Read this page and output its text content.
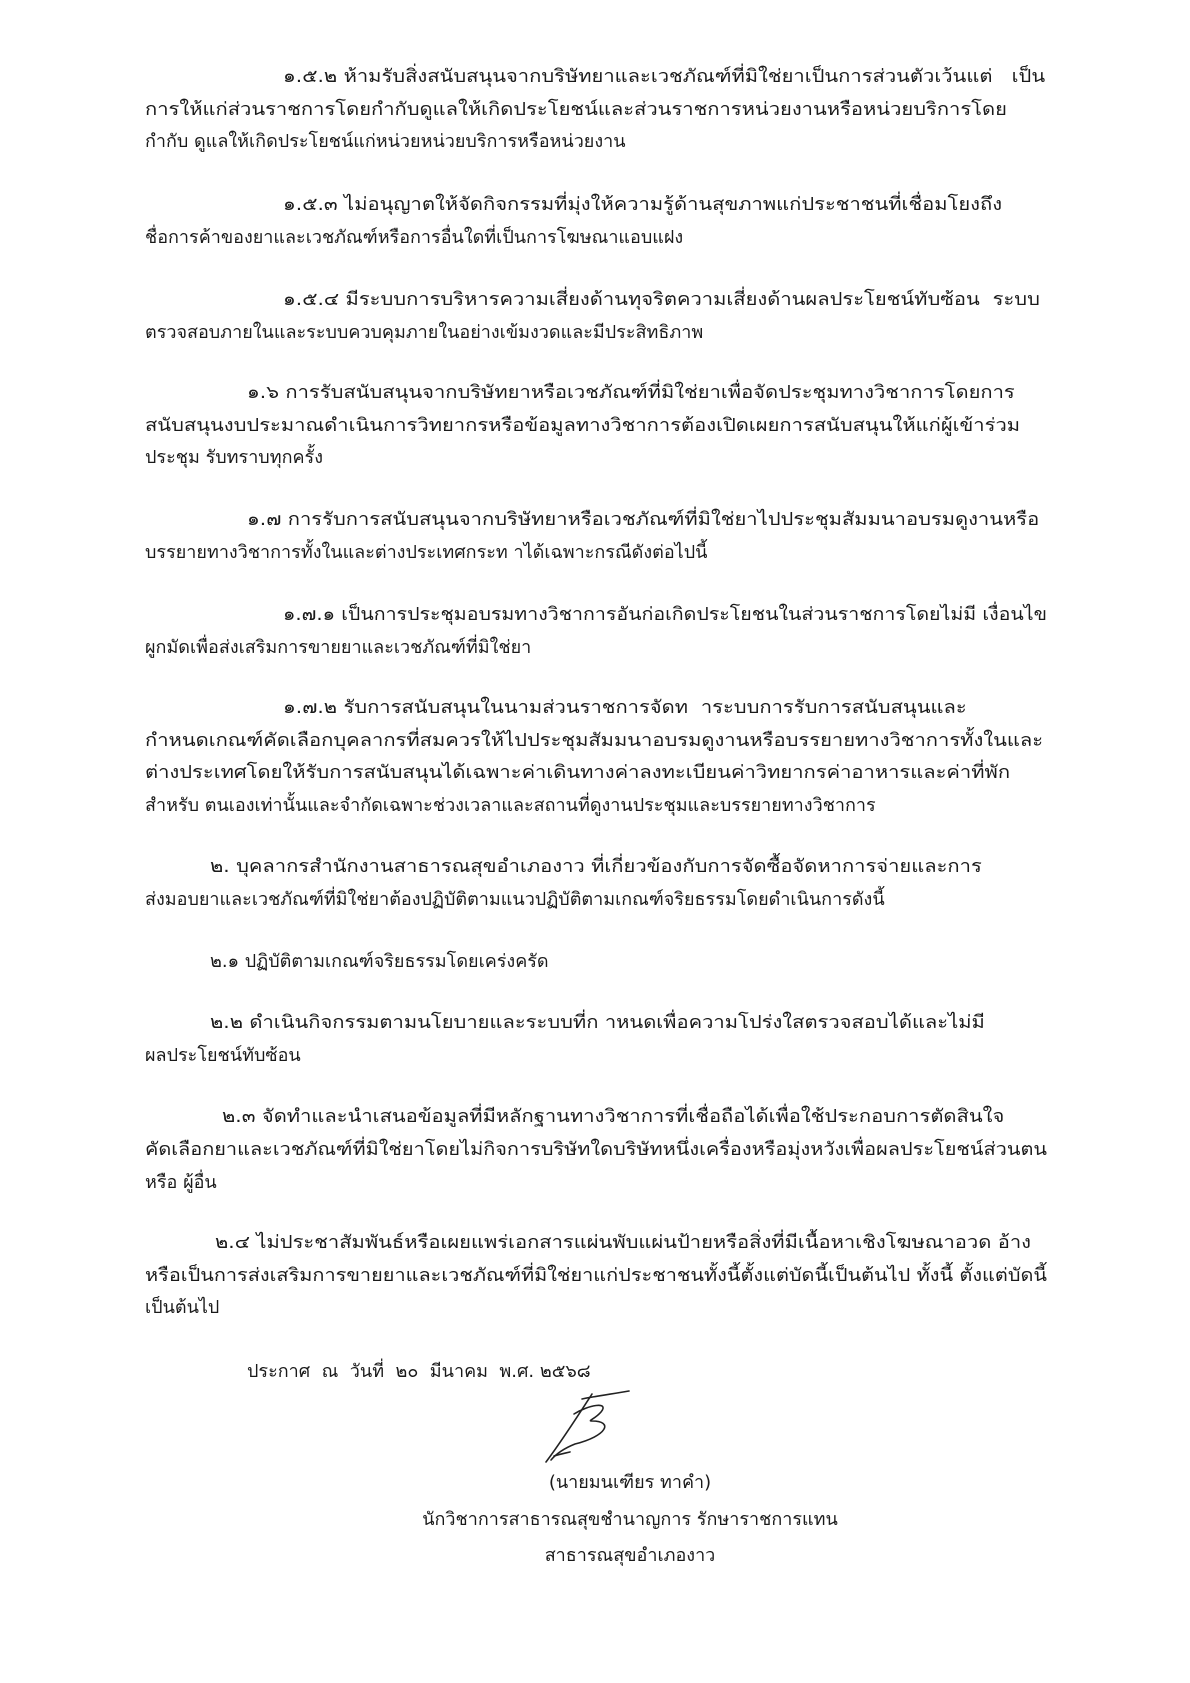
๑.๕.๒ ห้ามรับสิ่งสนับสนุนจากบริษัทยาและเวชภัณฑ์ที่มิใช่ยาเป็นการส่วนตัวเว้นแต่   เป็น
การให้แก่ส่วนราชการโดยกำกับดูแลให้เกิดประโยชน์และส่วนราชการหน่วยงานหรือหน่วยบริการโดย
กำกับ ดูแลให้เกิดประโยชน์แก่หน่วยหน่วยบริการหรือหน่วยงาน
๑.๕.๓ ไม่อนุญาตให้จัดกิจกรรมที่มุ่งให้ความรู้ด้านสุขภาพแก่ประชาชนที่เชื่อมโยงถึง
ชื่อการค้าของยาและเวชภัณฑ์หรือการอื่นใดที่เป็นการโฆษณาแอบแฝง
๑.๕.๔ มีระบบการบริหารความเสี่ยงด้านทุจริตความเสี่ยงด้านผลประโยชน์ทับซ้อน  ระบบ
ตรวจสอบภายในและระบบควบคุมภายในอย่างเข้มงวดและมีประสิทธิภาพ
๑.๖ การรับสนับสนุนจากบริษัทยาหรือเวชภัณฑ์ที่มิใช่ยาเพื่อจัดประชุมทางวิชาการโดยการ
สนับสนุนงบประมาณดำเนินการวิทยากรหรือข้อมูลทางวิชาการต้องเปิดเผยการสนับสนุนให้แก่ผู้เข้าร่วม
ประชุม รับทราบทุกครั้ง
๑.๗ การรับการสนับสนุนจากบริษัทยาหรือเวชภัณฑ์ที่มิใช่ยาไปประชุมสัมมนาอบรมดูงานหรือ
บรรยายทางวิชาการทั้งในและต่างประเทศกระท าได้เฉพาะกรณีดังต่อไปนี้
๑.๗.๑ เป็นการประชุมอบรมทางวิชาการอันก่อเกิดประโยชนในส่วนราชการโดยไม่มี เงื่อนไข
ผูกมัดเพื่อส่งเสริมการขายยาและเวชภัณฑ์ที่มิใช่ยา
๑.๗.๒ รับการสนับสนุนในนามส่วนราชการจัดท  าระบบการรับการสนับสนุนและ
กำหนดเกณฑ์คัดเลือกบุคลากรที่สมควรให้ไปประชุมสัมมนาอบรมดูงานหรือบรรยายทางวิชาการทั้งในและ
ต่างประเทศโดยให้รับการสนับสนุนได้เฉพาะค่าเดินทางค่าลงทะเบียนค่าวิทยากรค่าอาหารและค่าที่พัก
สำหรับ ตนเองเท่านั้นและจำกัดเฉพาะช่วงเวลาและสถานที่ดูงานประชุมและบรรยายทางวิชาการ
๒. บุคลากรสำนักงานสาธารณสุขอำเภองาว ที่เกี่ยวข้องกับการจัดซื้อจัดหาการจ่ายและการ
ส่งมอบยาและเวชภัณฑ์ที่มิใช่ยาต้องปฏิบัติตามแนวปฏิบัติตามเกณฑ์จริยธรรมโดยดำเนินการดังนี้
๒.๑ ปฏิบัติตามเกณฑ์จริยธรรมโดยเคร่งครัด
๒.๒ ดำเนินกิจกรรมตามนโยบายและระบบที่ก าหนดเพื่อความโปร่งใสตรวจสอบได้และไม่มี
ผลประโยชน์ทับซ้อน
๒.๓ จัดทำและนำเสนอข้อมูลที่มีหลักฐานทางวิชาการที่เชื่อถือได้เพื่อใช้ประกอบการตัดสินใจ
คัดเลือกยาและเวชภัณฑ์ที่มิใช่ยาโดยไม่กิจการบริษัทใดบริษัทหนึ่งเครื่องหรือมุ่งหวังเพื่อผลประโยชน์ส่วนตน
หรือ ผู้อื่น
๒.๔ ไม่ประชาสัมพันธ์หรือเผยแพร่เอกสารแผ่นพับแผ่นป้ายหรือสิ่งที่มีเนื้อหาเชิงโฆษณาอวด อ้าง
หรือเป็นการส่งเสริมการขายยาและเวชภัณฑ์ที่มิใช่ยาแก่ประชาชนทั้งนี้ตั้งแต่บัดนี้เป็นต้นไป ทั้งนี้ ตั้งแต่บัดนี้
เป็นต้นไป
ประกาศ  ณ  วันที่  ๒๐  มีนาคม  พ.ศ. ๒๕๖๘
(นายมนเฑียร ทาคำ)
นักวิชาการสาธารณสุขชำนาญการ รักษาราชการแทน
สาธารณสุขอำเภองาว
